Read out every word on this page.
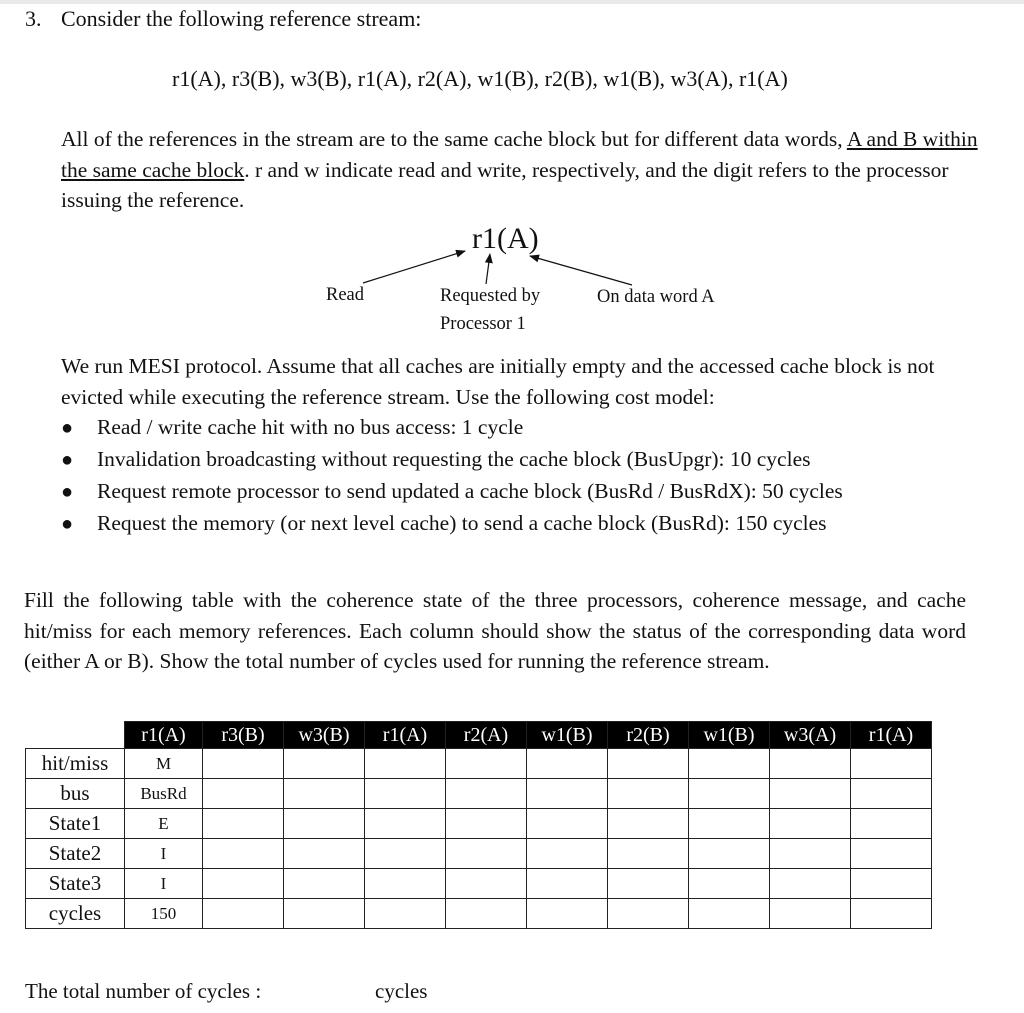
3. Consider the following reference stream:
r1(A), r3(B), w3(B), r1(A), r2(A), w1(B), r2(B), w1(B), w3(A), r1(A)
All of the references in the stream are to the same cache block but for different data words, A and B within the same cache block. r and w indicate read and write, respectively, and the digit refers to the processor issuing the reference.
r1(A)
Read	Requested by
Processor 1
On data word A
We run MESI protocol. Assume that all caches are initially empty and the accessed cache block is not evicted while executing the reference stream. Use the following cost model:
● Read / write cache hit with no bus access: 1 cycle
● Invalidation broadcasting without requesting the cache block (BusUpgr): 10 cycles
● Request remote processor to send updated a cache block (BusRd / BusRdX): 50 cycles
● Request the memory (or next level cache) to send a cache block (BusRd): 150 cycles
Fill the following table with the coherence state of the three processors, coherence message, and cache hit/miss for each memory references. Each column should show the status of the corresponding data word (either A or B). Show the total number of cycles used for running the reference stream.
	r1(A)	r3(B)	w3(B)	r1(A)	r2(A)	w1(B)	r2(B)	w1(B)	w3(A)	r1(A)
hit/miss	M									
bus	BusRd									
State1	E									
State2	I									
State3	I									
cycles	150									
The total number of cycles :	cycles
